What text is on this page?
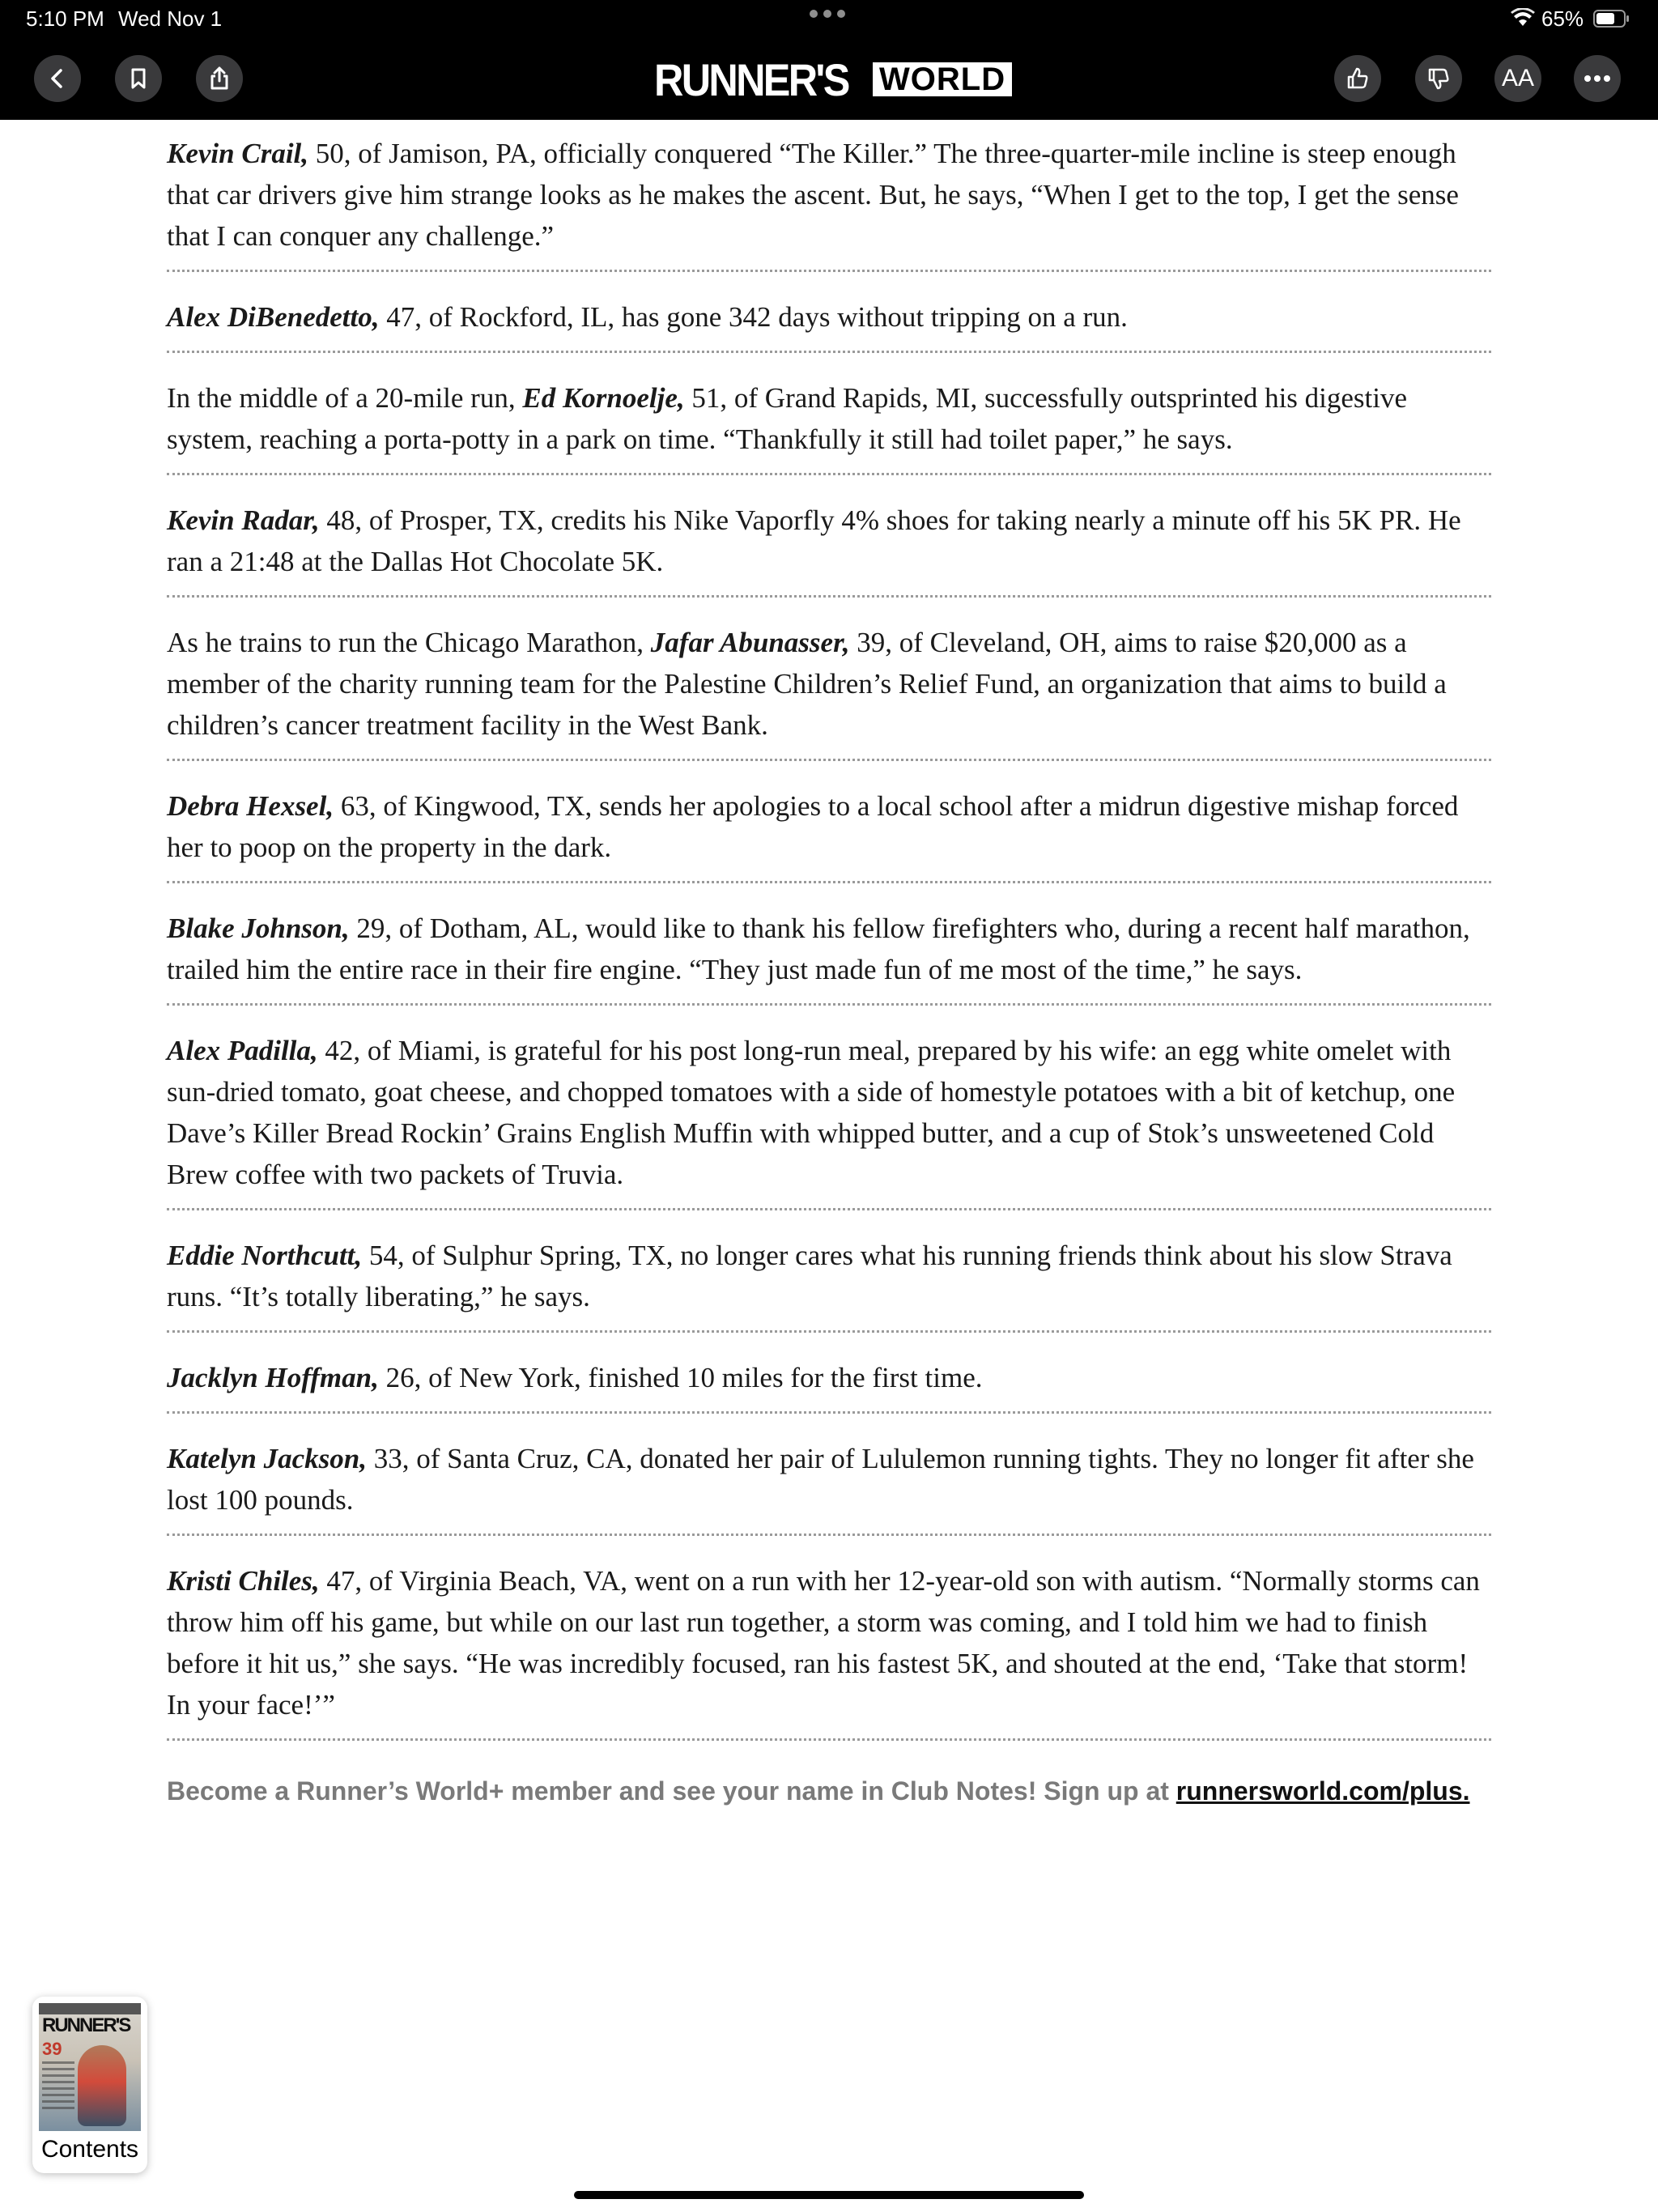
5:10 PM Wed Nov 1	65%
RUNNER'S WORLD	AA
Kevin Crail, 50, of Jamison, PA, officially conquered “The Killer.” The three-quarter-mile incline is steep enough that car drivers give him strange looks as he makes the ascent. But, he says, “When I get to the top, I get the sense that I can conquer any challenge.”
Alex DiBenedetto, 47, of Rockford, IL, has gone 342 days without tripping on a run.
In the middle of a 20-mile run, Ed Kornoelje, 51, of Grand Rapids, MI, successfully outsprinted his digestive system, reaching a porta-potty in a park on time. “Thankfully it still had toilet paper,” he says.
Kevin Radar, 48, of Prosper, TX, credits his Nike Vaporfly 4% shoes for taking nearly a minute off his 5K PR. He ran a 21:48 at the Dallas Hot Chocolate 5K.
As he trains to run the Chicago Marathon, Jafar Abunasser, 39, of Cleveland, OH, aims to raise $20,000 as a member of the charity running team for the Palestine Children’s Relief Fund, an organization that aims to build a children’s cancer treatment facility in the West Bank.
Debra Hexsel, 63, of Kingwood, TX, sends her apologies to a local school after a midrun digestive mishap forced her to poop on the property in the dark.
Blake Johnson, 29, of Dotham, AL, would like to thank his fellow firefighters who, during a recent half marathon, trailed him the entire race in their fire engine. “They just made fun of me most of the time,” he says.
Alex Padilla, 42, of Miami, is grateful for his post long-run meal, prepared by his wife: an egg white omelet with sun-dried tomato, goat cheese, and chopped tomatoes with a side of homestyle potatoes with a bit of ketchup, one Dave’s Killer Bread Rockin’ Grains English Muffin with whipped butter, and a cup of Stok’s unsweetened Cold Brew coffee with two packets of Truvia.
Eddie Northcutt, 54, of Sulphur Spring, TX, no longer cares what his running friends think about his slow Strava runs. “It’s totally liberating,” he says.
Jacklyn Hoffman, 26, of New York, finished 10 miles for the first time.
Katelyn Jackson, 33, of Santa Cruz, CA, donated her pair of Lululemon running tights. They no longer fit after she lost 100 pounds.
Kristi Chiles, 47, of Virginia Beach, VA, went on a run with her 12-year-old son with autism. “Normally storms can throw him off his game, but while on our last run together, a storm was coming, and I told him we had to finish before it hit us,” she says. “He was incredibly focused, ran his fastest 5K, and shouted at the end, ‘Take that storm! In your face!’”
Become a Runner’s World+ member and see your name in Club Notes! Sign up at runnersworld.com/plus.
RUNNER'S
39
Contents
